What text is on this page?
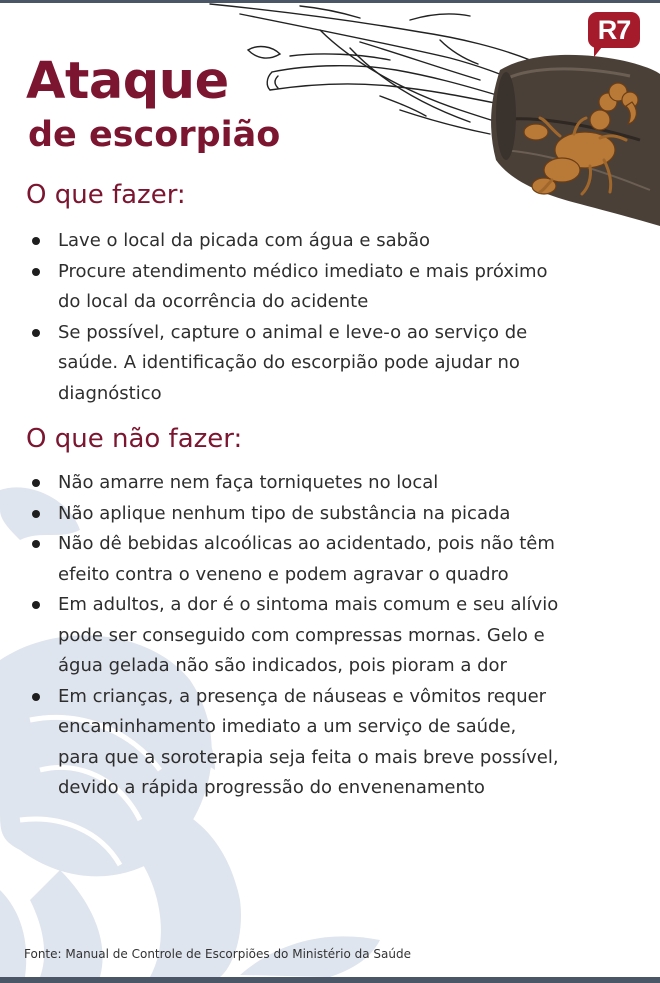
R7
Ataque
de escorpião
O que fazer:
Lave o local da picada com água e sabão
Procure atendimento médico imediato e mais próximo do local da ocorrência do acidente
Se possível, capture o animal e leve-o ao serviço de saúde. A identificação do escorpião pode ajudar no diagnóstico
O que não fazer:
Não amarre nem faça torniquetes no local
Não aplique nenhum tipo de substância na picada
Não dê bebidas alcoólicas ao acidentado, pois não têm efeito contra o veneno e podem agravar o quadro
Em adultos, a dor é o sintoma mais comum e seu alívio pode ser conseguido com compressas mornas. Gelo e água gelada não são indicados, pois pioram a dor
Em crianças, a presença de náuseas e vômitos requer encaminhamento imediato a um serviço de saúde, para que a soroterapia seja feita o mais breve possível, devido a rápida progressão do envenenamento

Fonte: Manual de Controle de Escorpiões do Ministério da Saúde
